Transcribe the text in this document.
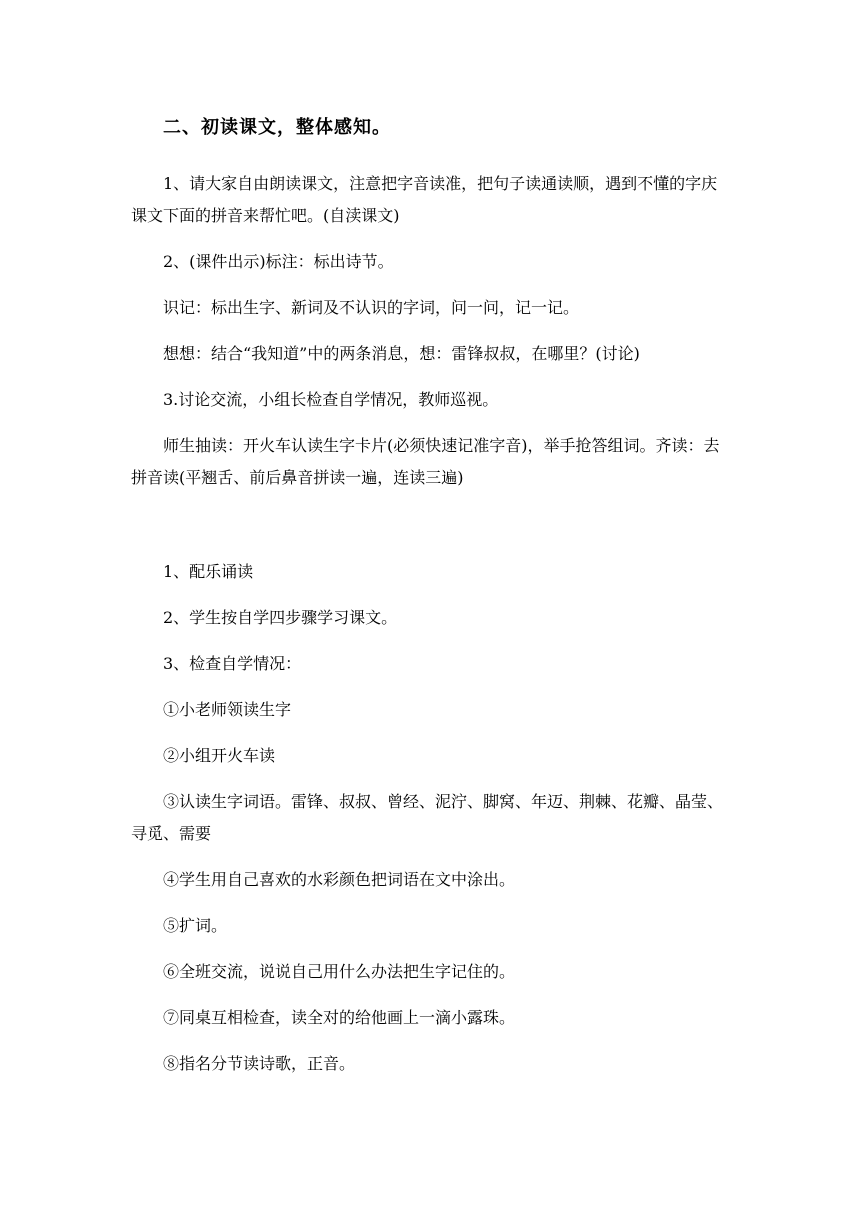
二、初读课文，整体感知。

1、请大家自由朗读课文，注意把字音读准，把句子读通读顺，遇到不懂的字庆课文下面的拼音来帮忙吧。(自渎课文)

2、(课件出示)标注：标出诗节。

识记：标出生字、新词及不认识的字词，问一问，记一记。

想想：结合“我知道”中的两条消息，想：雷锋叔叔，在哪里？(讨论)

3.讨论交流，小组长检查自学情况，教师巡视。

师生抽读：开火车认读生字卡片(必须快速记准字音)，举手抢答组词。齐读：去拼音读(平翘舌、前后鼻音拼读一遍，连读三遍)

1、配乐诵读

2、学生按自学四步骤学习课文。

3、检查自学情况：

①小老师领读生字

②小组开火车读

③认读生字词语。雷锋、叔叔、曾经、泥泞、脚窝、年迈、荆棘、花瓣、晶莹、寻觅、需要

④学生用自己喜欢的水彩颜色把词语在文中涂出。

⑤扩词。

⑥全班交流，说说自己用什么办法把生字记住的。

⑦同桌互相检查，读全对的给他画上一滴小露珠。

⑧指名分节读诗歌，正音。
